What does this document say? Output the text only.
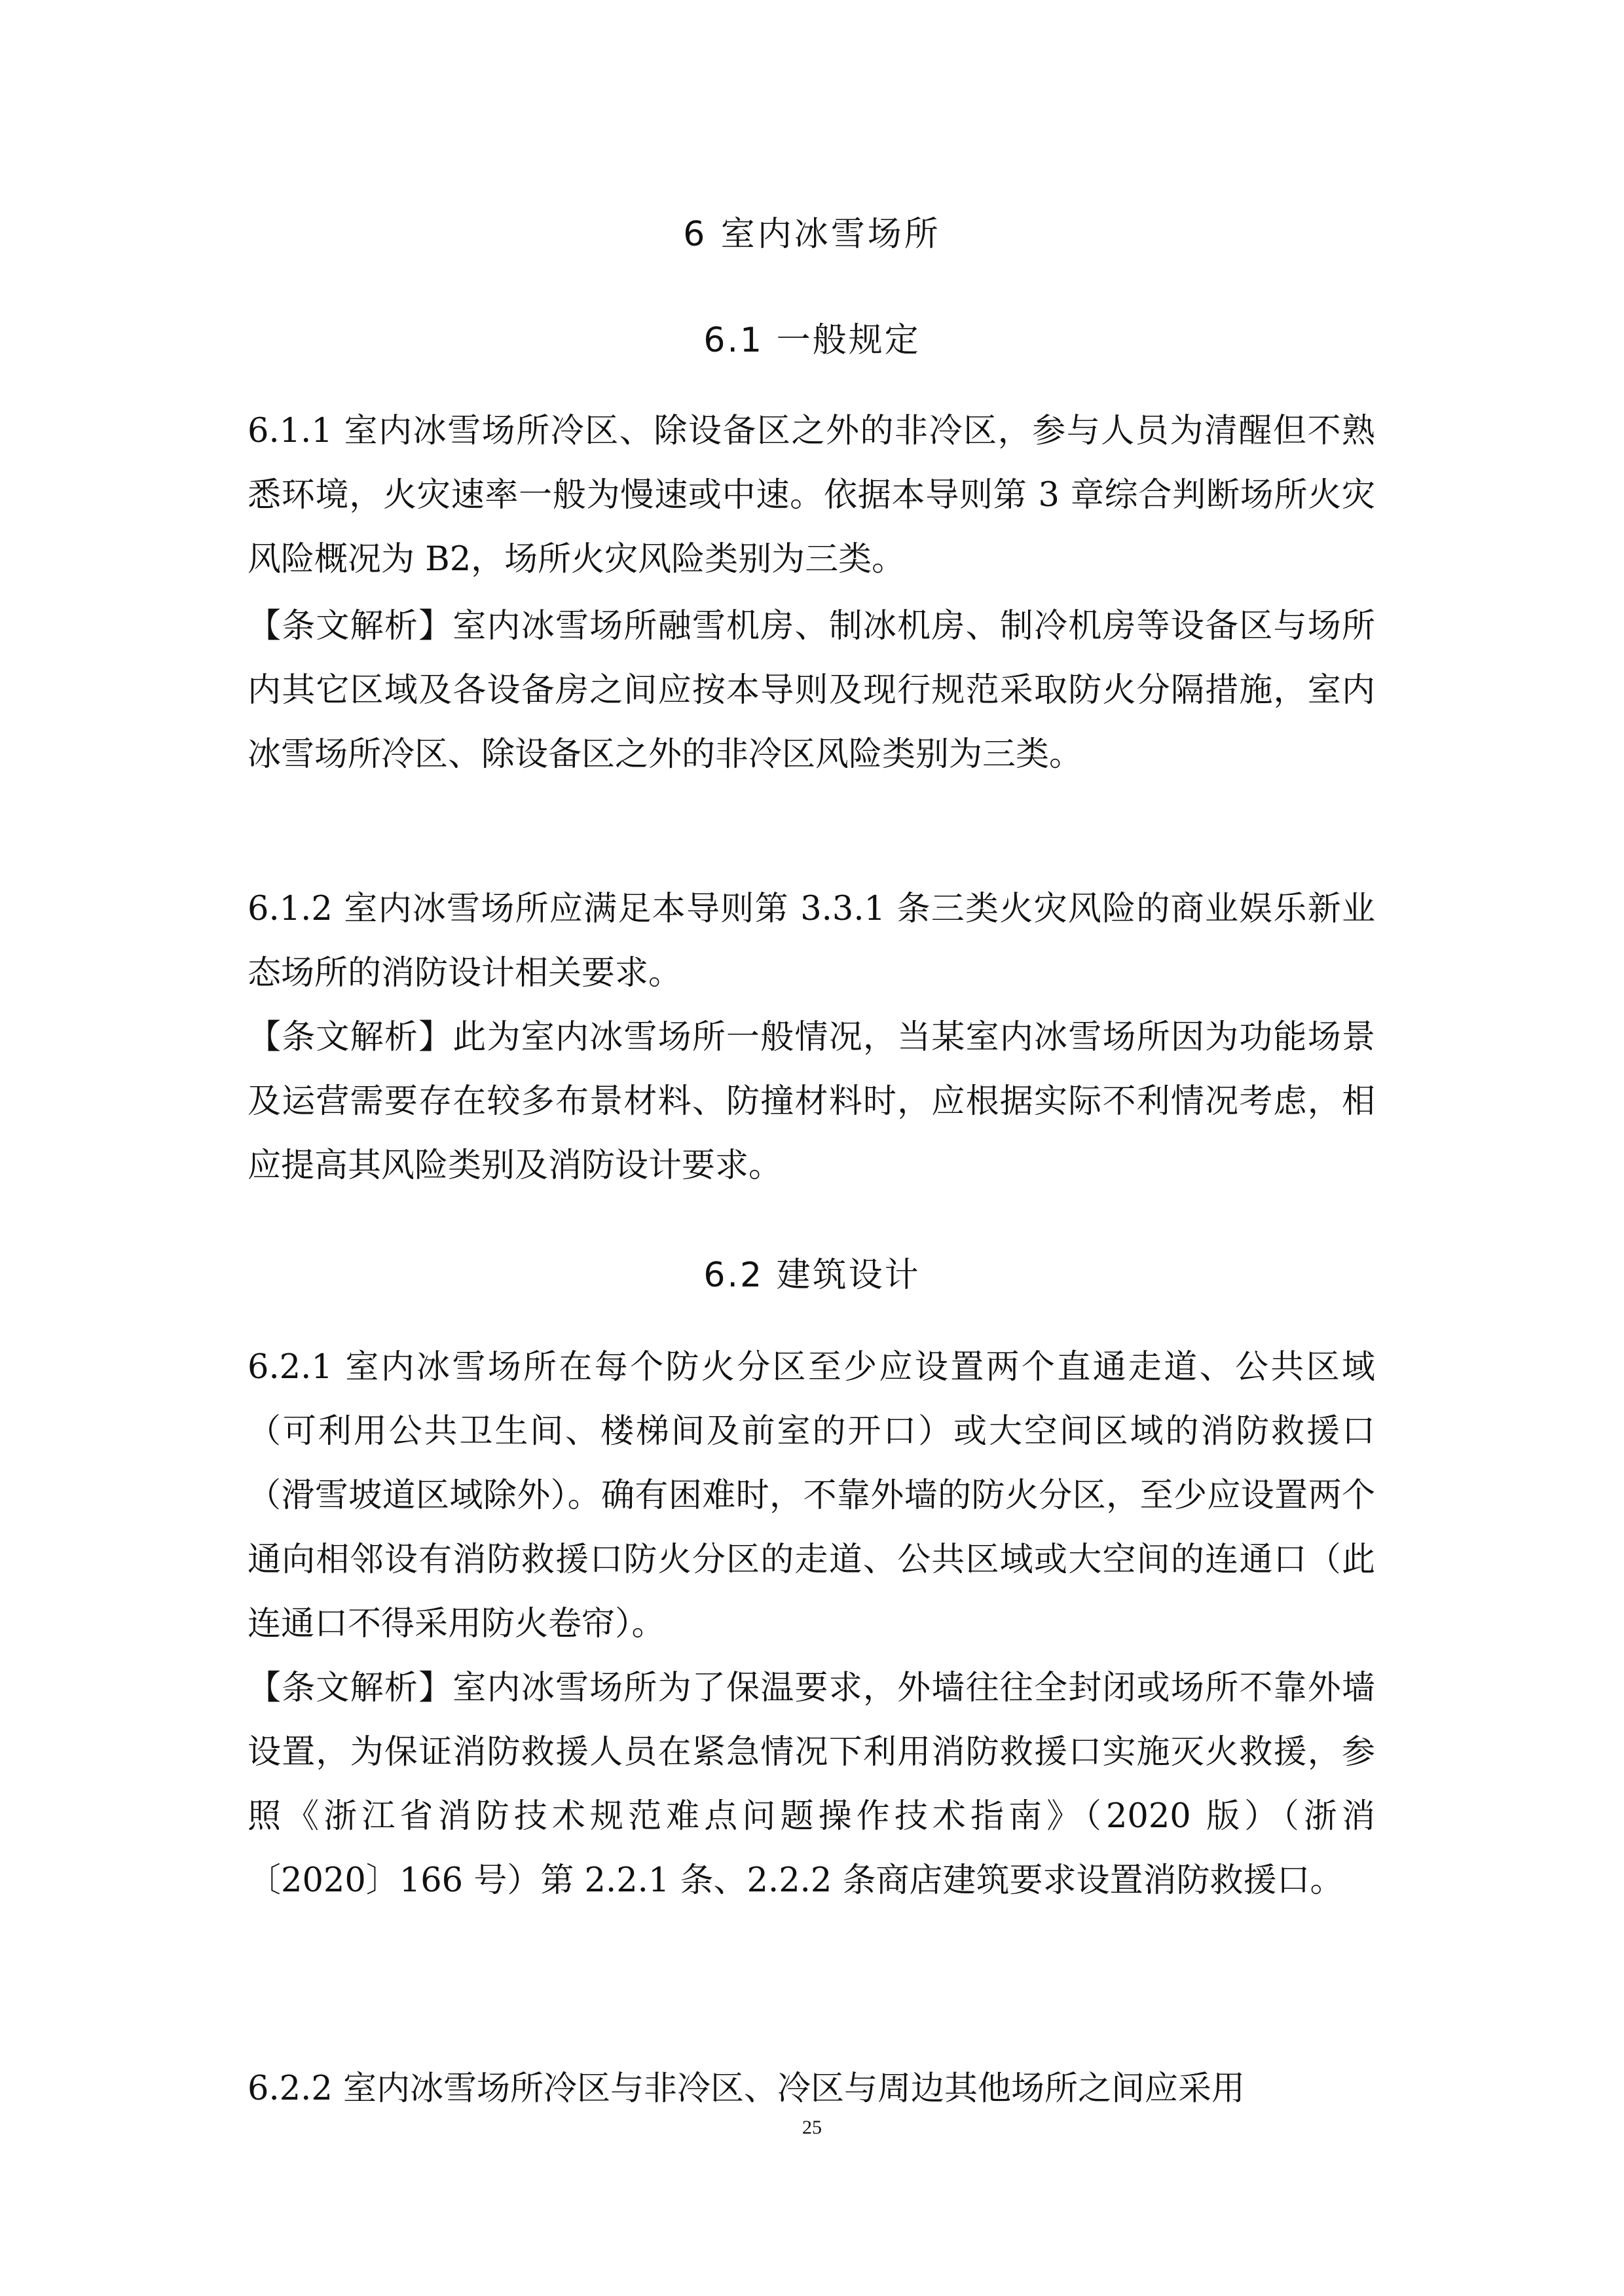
6 室内冰雪场所
6.1 一般规定
6.1.1 室内冰雪场所冷区、除设备区之外的非冷区，参与人员为清醒但不熟悉环境，火灾速率一般为慢速或中速。依据本导则第 3 章综合判断场所火灾风险概况为 B2，场所火灾风险类别为三类。
【条文解析】室内冰雪场所融雪机房、制冰机房、制冷机房等设备区与场所内其它区域及各设备房之间应按本导则及现行规范采取防火分隔措施，室内冰雪场所冷区、除设备区之外的非冷区风险类别为三类。
6.1.2 室内冰雪场所应满足本导则第 3.3.1 条三类火灾风险的商业娱乐新业态场所的消防设计相关要求。
【条文解析】此为室内冰雪场所一般情况，当某室内冰雪场所因为功能场景及运营需要存在较多布景材料、防撞材料时，应根据实际不利情况考虑，相应提高其风险类别及消防设计要求。
6.2 建筑设计
6.2.1 室内冰雪场所在每个防火分区至少应设置两个直通走道、公共区域（可利用公共卫生间、楼梯间及前室的开口）或大空间区域的消防救援口（滑雪坡道区域除外）。确有困难时，不靠外墙的防火分区，至少应设置两个通向相邻设有消防救援口防火分区的走道、公共区域或大空间的连通口（此连通口不得采用防火卷帘）。
【条文解析】室内冰雪场所为了保温要求，外墙往往全封闭或场所不靠外墙设置，为保证消防救援人员在紧急情况下利用消防救援口实施灭火救援，参照《浙江省消防技术规范难点问题操作技术指南》（2020 版）（浙消〔2020〕166 号）第 2.2.1 条、2.2.2 条商店建筑要求设置消防救援口。
6.2.2 室内冰雪场所冷区与非冷区、冷区与周边其他场所之间应采用
25
